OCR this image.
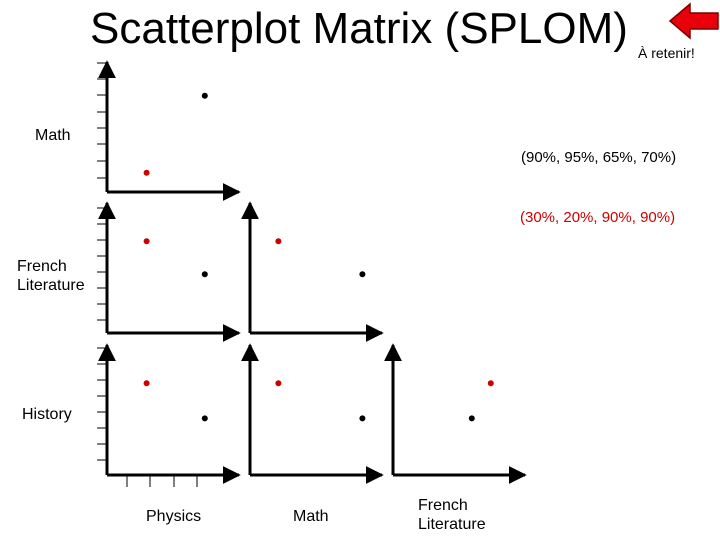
Scatterplot Matrix (SPLOM) À retenir!
Math
French Literature
History
Physics	Math
French Literature
(90%, 95%, 65%, 70%)
(30%, 20%, 90%, 90%)
